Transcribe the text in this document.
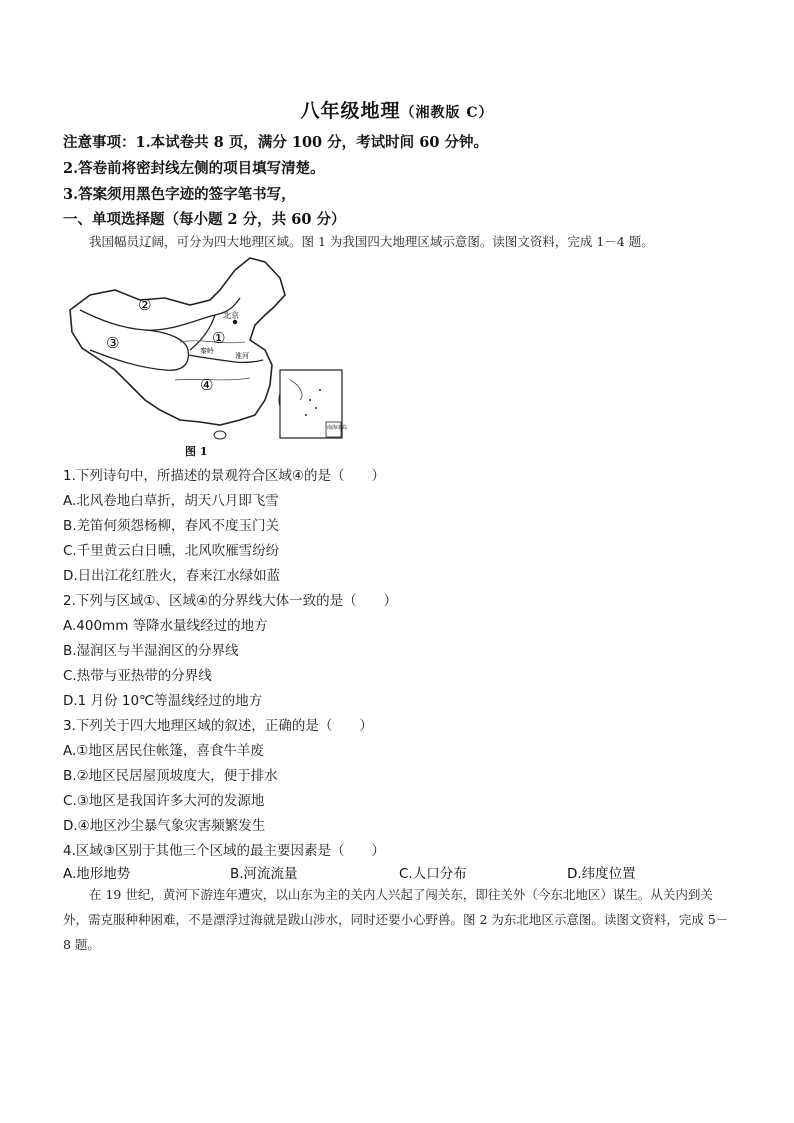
八年级地理（湘教版 C）
注意事项：1.本试卷共 8 页，满分 100 分，考试时间 60 分钟。
2.答卷前将密封线左侧的项目填写清楚。
3.答案须用黑色字迹的签字笔书写，
一、单项选择题（每小题 2 分，共 60 分）
我国幅员辽阔，可分为四大地理区域。图 1 为我国四大地理区域示意图。读图文资料，完成 1－4 题。
②
③	①
④
北京
秦岭
淮河
南海诸岛
图 1
1.下列诗句中，所描述的景观符合区域④的是（　　）
A.北风卷地白草折，胡天八月即飞雪
B.羌笛何须怨杨柳，春风不度玉门关
C.千里黄云白日曛，北风吹雁雪纷纷
D.日出江花红胜火，春来江水绿如蓝
2.下列与区域①、区域④的分界线大体一致的是（　　）
A.400mm 等降水量线经过的地方
B.湿润区与半湿润区的分界线
C.热带与亚热带的分界线
D.1 月份 10℃等温线经过的地方
3.下列关于四大地理区域的叙述，正确的是（　　）
A.①地区居民住帐篷，喜食牛羊废
B.②地区民居屋顶坡度大，便于排水
C.③地区是我国许多大河的发源地
D.④地区沙尘暴气象灾害频繁发生
4.区域③区别于其他三个区域的最主要因素是（　　）
A.地形地势	B.河流流量	C.人口分布	D.纬度位置
在 19 世纪，黄河下游连年遭灾，以山东为主的关内人兴起了闯关东，即往关外（今东北地区）谋生。从关内到关外，需克服种种困难，不是漂浮过海就是跋山涉水，同时还要小心野兽。图 2 为东北地区示意图。读图文资料，完成 5－8 题。
